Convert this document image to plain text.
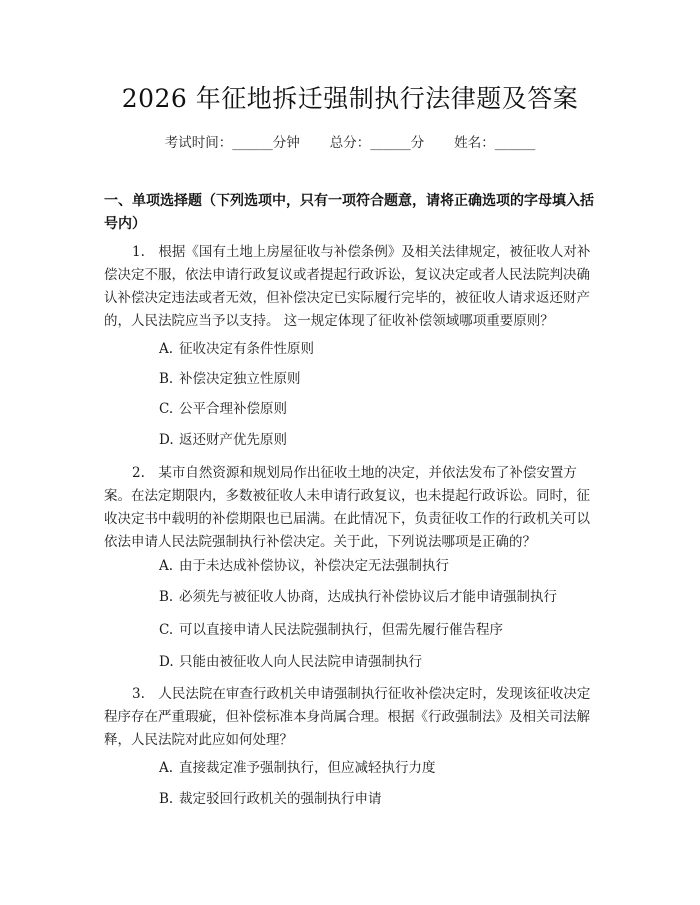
2026 年征地拆迁强制执行法律题及答案
考试时间：______分钟 总分：______分 姓名：______
一、单项选择题（下列选项中，只有一项符合题意，请将正确选项的字母填入括号内）
1.　根据《国有土地上房屋征收与补偿条例》及相关法律规定，被征收人对补偿决定不服，依法申请行政复议或者提起行政诉讼，复议决定或者人民法院判决确认补偿决定违法或者无效，但补偿决定已实际履行完毕的，被征收人请求返还财产的，人民法院应当予以支持。 这一规定体现了征收补偿领域哪项重要原则？
A. 征收决定有条件性原则
B. 补偿决定独立性原则
C. 公平合理补偿原则
D. 返还财产优先原则
2.　某市自然资源和规划局作出征收土地的决定，并依法发布了补偿安置方案。在法定期限内，多数被征收人未申请行政复议，也未提起行政诉讼。同时，征收决定书中载明的补偿期限也已届满。在此情况下，负责征收工作的行政机关可以依法申请人民法院强制执行补偿决定。关于此，下列说法哪项是正确的？
A. 由于未达成补偿协议，补偿决定无法强制执行
B. 必须先与被征收人协商，达成执行补偿协议后才能申请强制执行
C. 可以直接申请人民法院强制执行，但需先履行催告程序
D. 只能由被征收人向人民法院申请强制执行
3.　人民法院在审查行政机关申请强制执行征收补偿决定时，发现该征收决定程序存在严重瑕疵，但补偿标准本身尚属合理。根据《行政强制法》及相关司法解释，人民法院对此应如何处理？
A. 直接裁定准予强制执行，但应减轻执行力度
B. 裁定驳回行政机关的强制执行申请
